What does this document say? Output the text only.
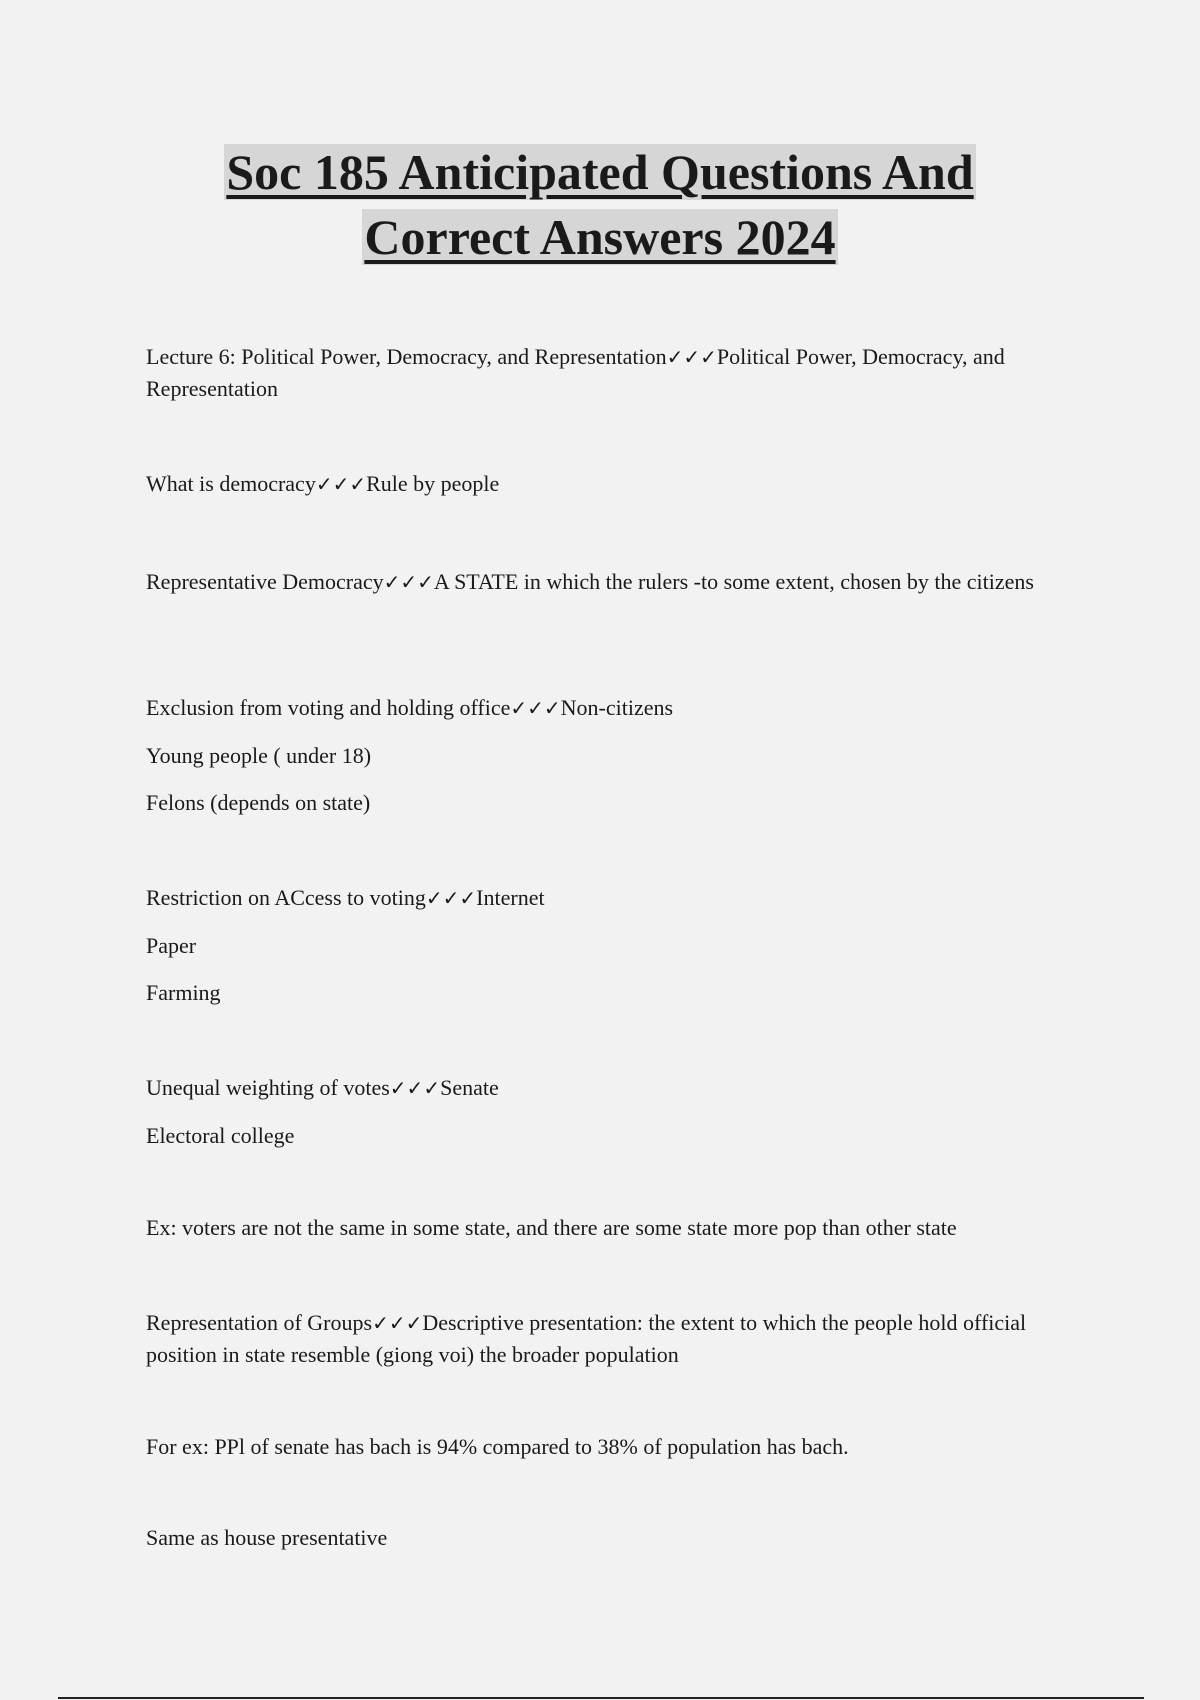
Soc 185 Anticipated Questions And
Correct Answers 2024

Lecture 6: Political Power, Democracy, and Representation✓✓✓Political Power, Democracy, and Representation

What is democracy✓✓✓Rule by people

Representative Democracy✓✓✓A STATE in which the rulers -to some extent, chosen by the citizens

Exclusion from voting and holding office✓✓✓Non-citizens
Young people ( under 18)
Felons (depends on state)

Restriction on ACcess to voting✓✓✓Internet
Paper
Farming

Unequal weighting of votes✓✓✓Senate
Electoral college

Ex: voters are not the same in some state, and there are some state more pop than other state

Representation of Groups✓✓✓Descriptive presentation: the extent to which the people hold official position in state resemble (giong voi) the broader population

For ex: PPl of senate has bach is 94% compared to 38% of population has bach.

Same as house presentative
